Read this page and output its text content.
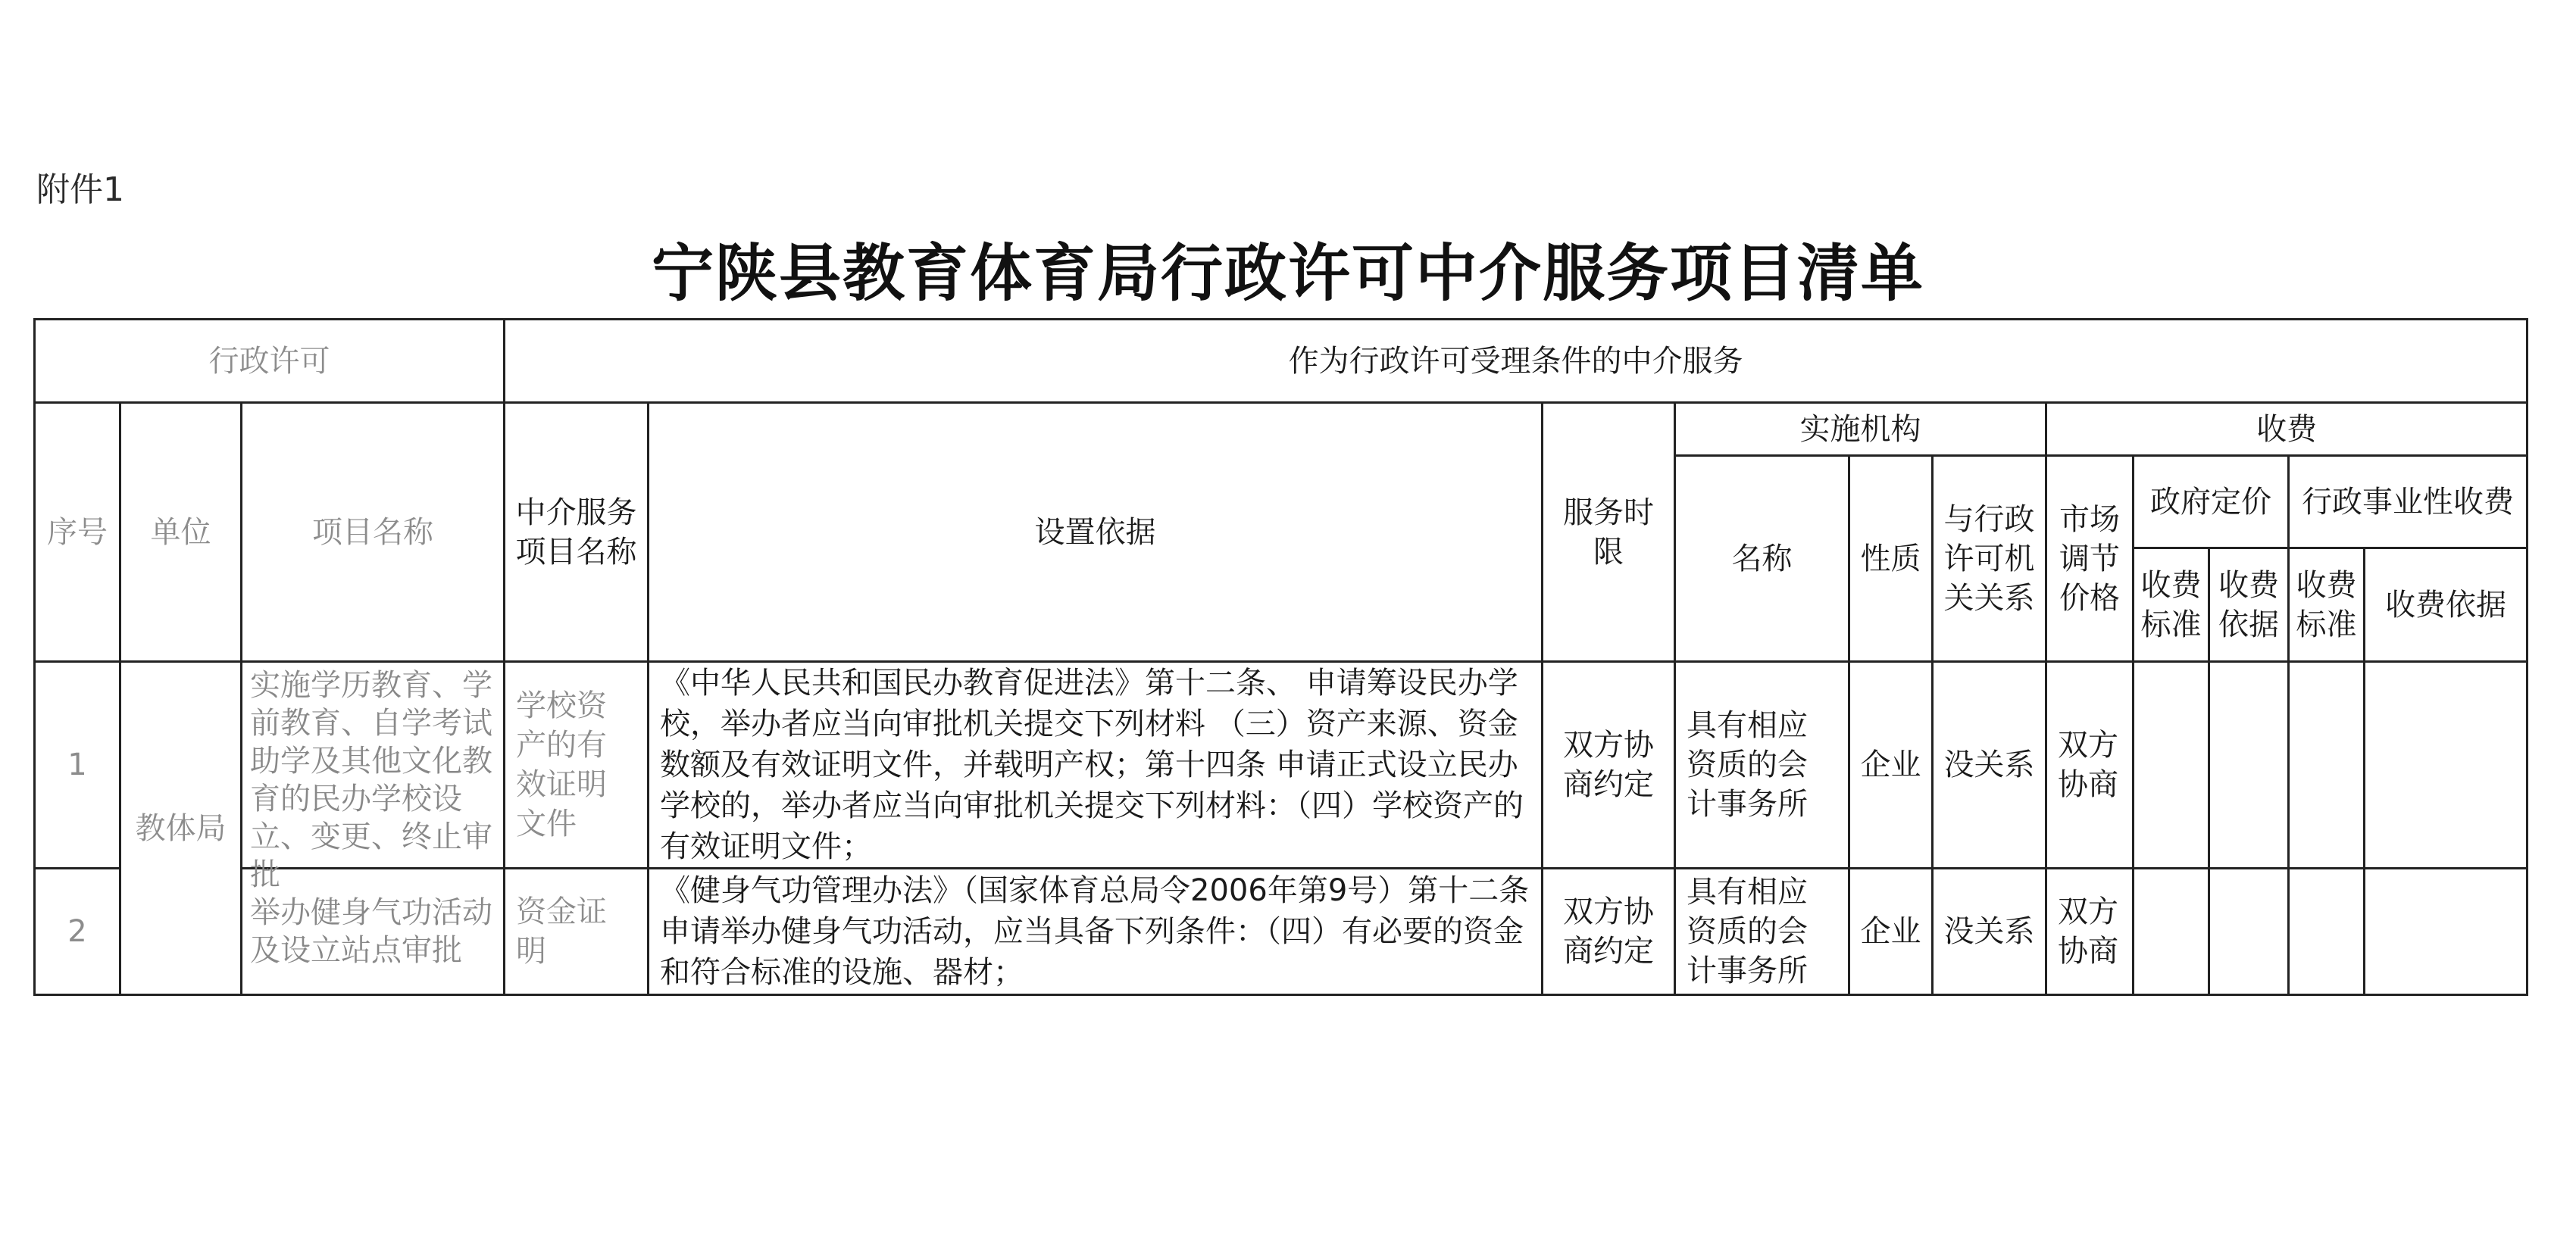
附件1
宁陕县教育体育局行政许可中介服务项目清单
行政许可			作为行政许可受理条件的中介服务										
序号	单位	项目名称	中介服务项目名称	设置依据	服务时限	实施机构			收费				
						名称	性质	与行政许可机关关系	市场调节价格	政府定价		行政事业性收费	
										收费标准	收费依据	收费标准	收费依据
1	教体局	实施学历教育、学前教育、自学考试助学及其他文化教育的民办学校设立、变更、终止审批	学校资产的有效证明文件	《中华人民共和国民办教育促进法》第十二条、 申请筹设民办学校，举办者应当向审批机关提交下列材料 （三）资产来源、资金数额及有效证明文件，并载明产权；第十四条 申请正式设立民办学校的，举办者应当向审批机关提交下列材料：（四）学校资产的有效证明文件；	双方协商约定	具有相应资质的会计事务所	企业	没关系	双方协商				
2		举办健身气功活动及设立站点审批	资金证明	《健身气功管理办法》（国家体育总局令2006年第9号）第十二条 申请举办健身气功活动，应当具备下列条件：（四）有必要的资金和符合标准的设施、器材；	双方协商约定	具有相应资质的会计事务所	企业	没关系	双方协商				
